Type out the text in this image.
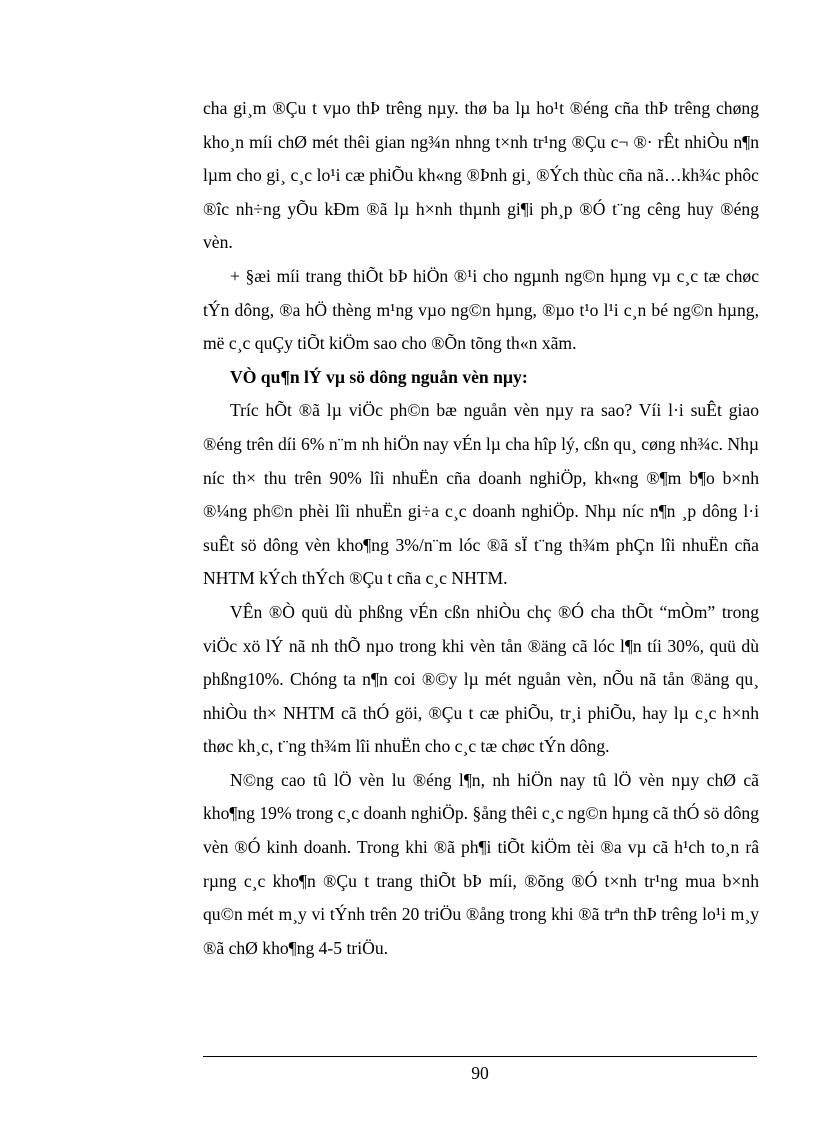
cha gi¸m ®Çu t vµo thÞ trêng nµy. thø ba lµ ho¹t ®éng cña thÞ trêng chøng kho¸n míi chØ mét thêi gian ng¾n nhng t×nh tr¹ng ®Çu c¬ ®· rÊt nhiÒu n¶n lµm cho gi¸ c¸c lo¹i cæ phiÕu kh«ng ®Þnh gi¸ ®Ých thùc cña nã…kh¾c phôc ®îc nh÷ng yÕu kÐm ®ã lµ h×nh thµnh gi¶i ph¸p ®Ó t¨ng cêng huy ®éng vèn.

+ §æi míi trang thiÕt bÞ hiÖn ®¹i cho ngµnh ng©n hµng vµ c¸c tæ chøc tÝn dông, ®a hÖ thèng m¹ng vµo ng©n hµng, ®µo t¹o l¹i c¸n bé ng©n hµng, më c¸c quÇy tiÕt kiÖm sao cho ®Õn tõng th«n xãm.

VÒ qu¶n lÝ vµ sö dông nguån vèn nµy:

Tríc hÕt ®ã lµ viÖc ph©n bæ nguån vèn nµy ra sao? Víi l·i suÊt giao ®éng trên díi 6% n¨m nh hiÖn nay vÉn lµ cha hîp lý, cßn qu¸ cøng nh¾c. Nhµ níc th× thu trên 90% lîi nhuËn cña doanh nghiÖp, kh«ng ®¶m b¶o b×nh ®¼ng ph©n phèi lîi nhuËn gi÷a c¸c doanh nghiÖp. Nhµ níc n¶n ¸p dông l·i suÊt sö dông vèn kho¶ng 3%/n¨m lóc ®ã sÏ t¨ng th¾m phÇn lîi nhuËn cña NHTM kÝch thÝch ®Çu t cña c¸c NHTM.

VÊn ®Ò quü dù phßng vÉn cßn nhiÒu chç ®Ó cha thÕt “mÒm” trong viÖc xö lÝ nã nh thÕ nµo trong khi vèn tån ®äng cã lóc l¶n tíi 30%, quü dù phßng10%. Chóng ta n¶n coi ®©y lµ mét nguån vèn, nÕu nã tån ®äng qu¸ nhiÒu th× NHTM cã thÓ göi, ®Çu t cæ phiÕu, tr¸i phiÕu, hay lµ c¸c h×nh thøc kh¸c, t¨ng th¾m lîi nhuËn cho c¸c tæ chøc tÝn dông.

N©ng cao tû lÖ vèn lu ®éng l¶n, nh hiÖn nay tû lÖ vèn nµy chØ cã kho¶ng 19% trong c¸c doanh nghiÖp. §ång thêi c¸c ng©n hµng cã thÓ sö dông vèn ®Ó kinh doanh. Trong khi ®ã ph¶i tiÕt kiÖm tèi ®a vµ cã h¹ch to¸n râ rµng c¸c kho¶n ®Çu t trang thiÕt bÞ míi, ®õng ®Ó t×nh tr¹ng mua b×nh qu©n mét m¸y vi tÝnh trên 20 triÖu ®ång trong khi ®ã trªn thÞ trêng lo¹i m¸y ®ã chØ kho¶ng 4-5 triÖu.

90
